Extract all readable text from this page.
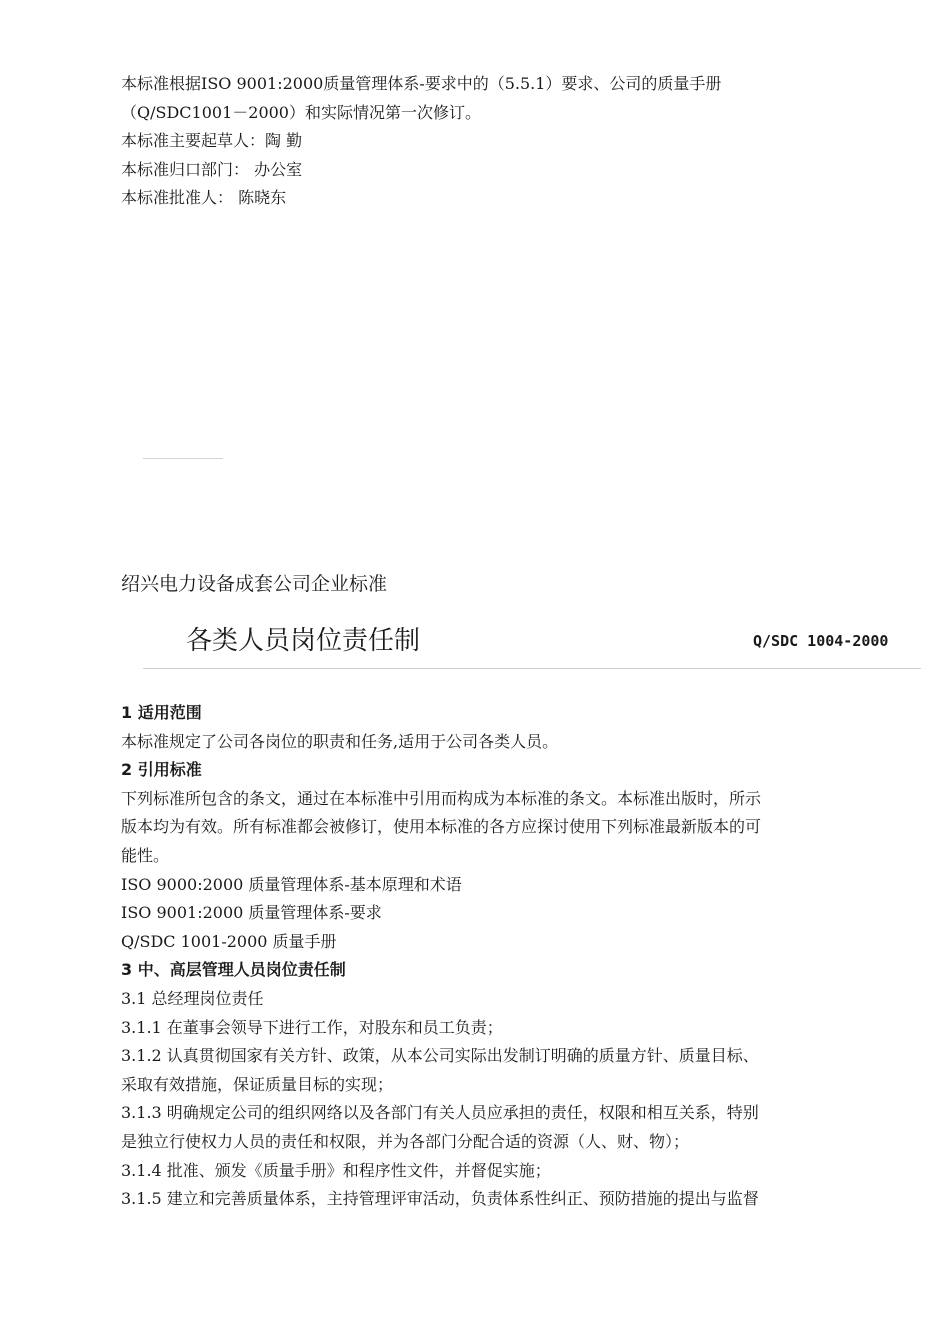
本标准根据ISO 9001:2000质量管理体系-要求中的（5.5.1）要求、公司的质量手册
（Q/SDC1001－2000）和实际情况第一次修订。
本标准主要起草人：陶 勤
本标准归口部门： 办公室
本标准批准人： 陈晓东
绍兴电力设备成套公司企业标准
各类人员岗位责任制	Q/SDC 1004-2000
1 适用范围
本标准规定了公司各岗位的职责和任务,适用于公司各类人员。
2 引用标准
下列标准所包含的条文，通过在本标准中引用而构成为本标准的条文。本标准出版时，所示
版本均为有效。所有标准都会被修订，使用本标准的各方应探讨使用下列标准最新版本的可
能性。
ISO 9000:2000 质量管理体系-基本原理和术语
ISO 9001:2000 质量管理体系-要求
Q/SDC 1001-2000 质量手册
3 中、高层管理人员岗位责任制
3.1 总经理岗位责任
3.1.1 在董事会领导下进行工作，对股东和员工负责；
3.1.2 认真贯彻国家有关方针、政策，从本公司实际出发制订明确的质量方针、质量目标、
采取有效措施，保证质量目标的实现；
3.1.3 明确规定公司的组织网络以及各部门有关人员应承担的责任，权限和相互关系，特别
是独立行使权力人员的责任和权限，并为各部门分配合适的资源（人、财、物）；
3.1.4 批准、颁发《质量手册》和程序性文件，并督促实施；
3.1.5 建立和完善质量体系，主持管理评审活动，负责体系性纠正、预防措施的提出与监督
